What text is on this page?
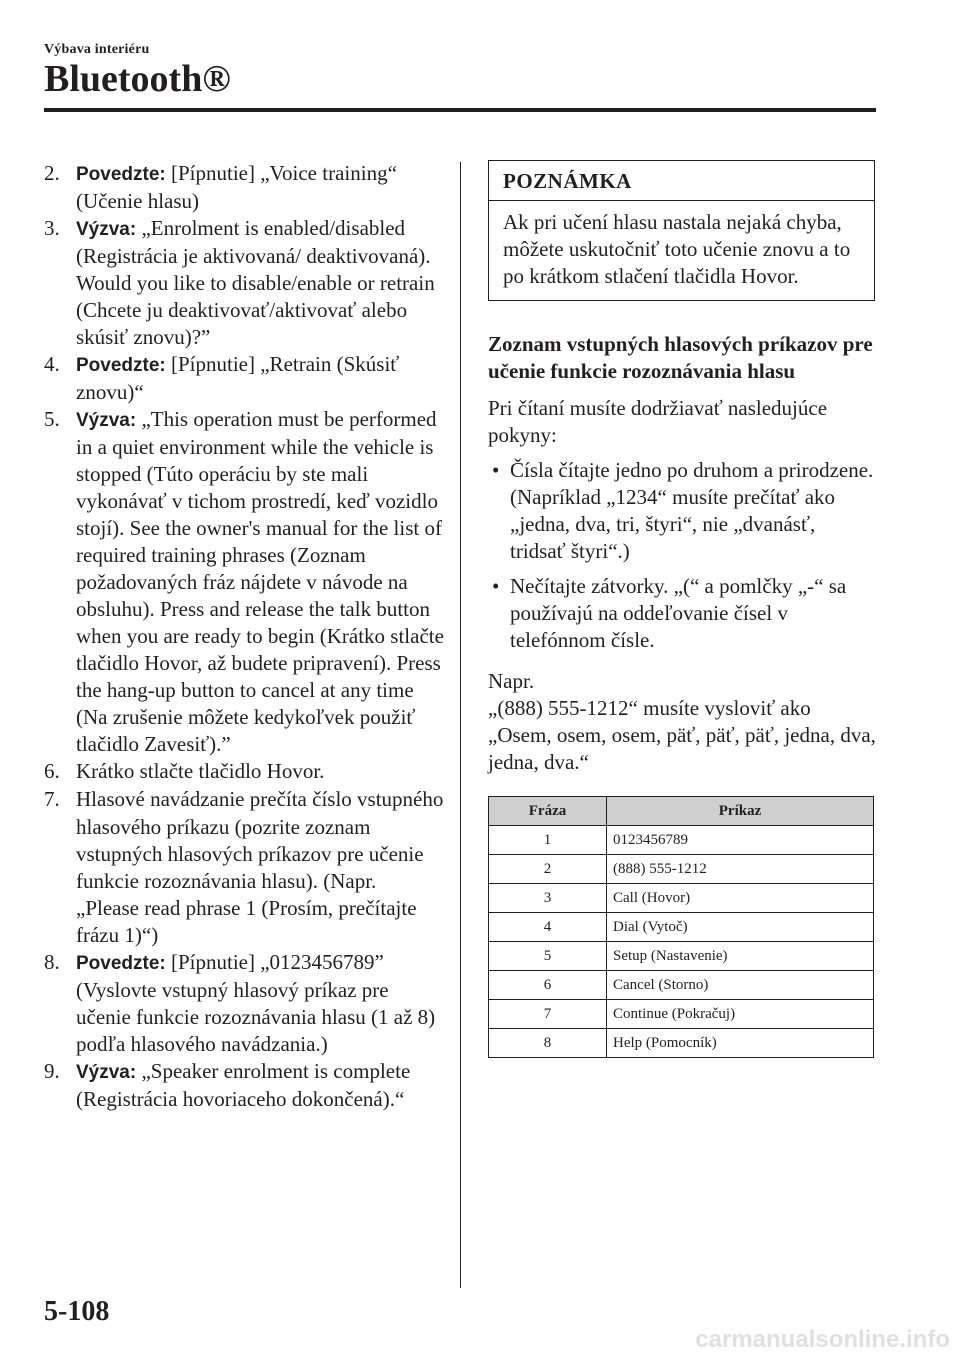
Výbava interiéru
Bluetooth®

2. Povedzte: [Pípnutie] „Voice training“ (Učenie hlasu)

3. Výzva: „Enrolment is enabled/disabled (Registrácia je aktivovaná/ deaktivovaná). Would you like to disable/enable or retrain (Chcete ju deaktivovať/aktivovať alebo skúsiť znovu)?”

4. Povedzte: [Pípnutie] „Retrain (Skúsiť znovu)“

5. Výzva: „This operation must be performed in a quiet environment while the vehicle is stopped (Túto operáciu by ste mali vykonávať v tichom prostredí, keď vozidlo stojí). See the owner's manual for the list of required training phrases (Zoznam požadovaných fráz nájdete v návode na obsluhu). Press and release the talk button when you are ready to begin (Krátko stlačte tlačidlo Hovor, až budete pripravení). Press the hang-up button to cancel at any time (Na zrušenie môžete kedykoľvek použiť tlačidlo Zavesiť).”

6. Krátko stlačte tlačidlo Hovor.

7. Hlasové navádzanie prečíta číslo vstupného hlasového príkazu (pozrite zoznam vstupných hlasových príkazov pre učenie funkcie rozoznávania hlasu). (Napr. „Please read phrase 1 (Prosím, prečítajte frázu 1)“)

8. Povedzte: [Pípnutie] „0123456789” (Vyslovte vstupný hlasový príkaz pre učenie funkcie rozoznávania hlasu (1 až 8) podľa hlasového navádzania.)

9. Výzva: „Speaker enrolment is complete (Registrácia hovoriaceho dokončená).“

POZNÁMKA
Ak pri učení hlasu nastala nejaká chyba, môžete uskutočniť toto učenie znovu a to po krátkom stlačení tlačidla Hovor.
Zoznam vstupných hlasových príkazov pre učenie funkcie rozoznávania hlasu
Pri čítaní musíte dodržiavať nasledujúce pokyny:
• Čísla čítajte jedno po druhom a prirodzene. (Napríklad „1234“ musíte prečítať ako „jedna, dva, tri, štyri“, nie „dvanásť, tridsať štyri“.)
• Nečítajte zátvorky. „(“ a pomlčky „-“ sa používajú na oddeľovanie čísel v telefónnom čísle.
Napr.
„(888) 555-1212“ musíte vysloviť ako „Osem, osem, osem, päť, päť, päť, jedna, dva, jedna, dva.“
Fráza	Príkaz
1	0123456789
2	(888) 555-1212
3	Call (Hovor)
4	Dial (Vytoč)
5	Setup (Nastavenie)
6	Cancel (Storno)
7	Continue (Pokračuj)
8	Help (Pomocník)
5-108
carmanualsonline.info
